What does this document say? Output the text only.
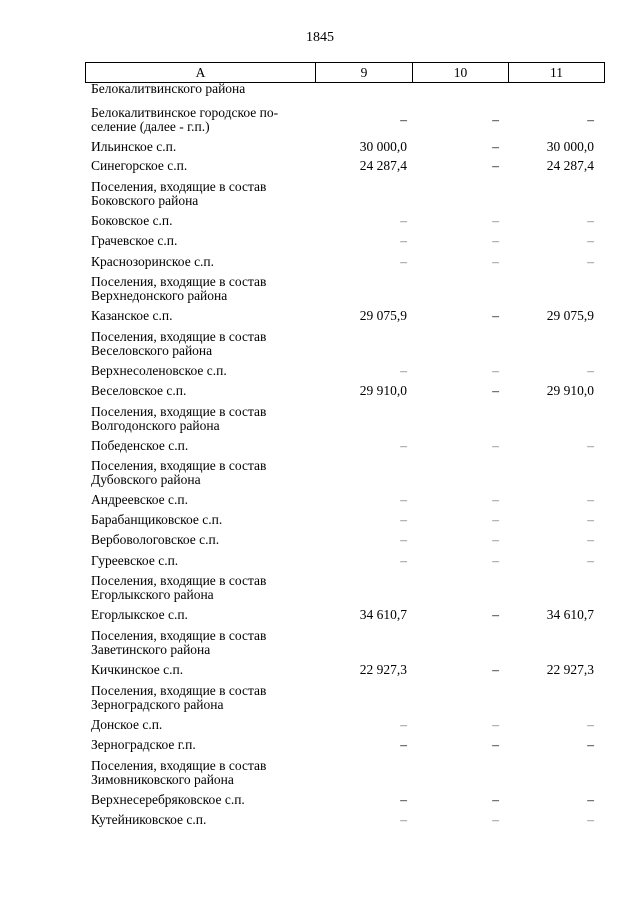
1845
А	9	10	11
Белокалитвинского района
Белокалитвинское городское по-селение (далее - г.п.)	–	–	–
Ильинское с.п.	30 000,0	–	30 000,0
Синегорское с.п.	24 287,4	–	24 287,4
Поселения, входящие в состав Боковского района
Боковское с.п.	–	–	–
Грачевское с.п.	–	–	–
Краснозоринское с.п.	–	–	–
Поселения, входящие в состав Верхнедонского района
Казанское с.п.	29 075,9	–	29 075,9
Поселения, входящие в состав Веселовского района
Верхнесоленовское с.п.	–	–	–
Веселовское с.п.	29 910,0	–	29 910,0
Поселения, входящие в состав Волгодонского района
Победенское с.п.	–	–	–
Поселения, входящие в состав Дубовского района
Андреевское с.п.	–	–	–
Барабанщиковское с.п.	–	–	–
Вербовологовское с.п.	–	–	–
Гуреевское с.п.	–	–	–
Поселения, входящие в состав Егорлыкского района
Егорлыкское с.п.	34 610,7	–	34 610,7
Поселения, входящие в состав Заветинского района
Кичкинское с.п.	22 927,3	–	22 927,3
Поселения, входящие в состав Зерноградского района
Донское с.п.	–	–	–
Зерноградское г.п.	–	–	–
Поселения, входящие в состав Зимовниковского района
Верхнесеребряковское с.п.	–	–	–
Кутейниковское с.п.	–	–	–
